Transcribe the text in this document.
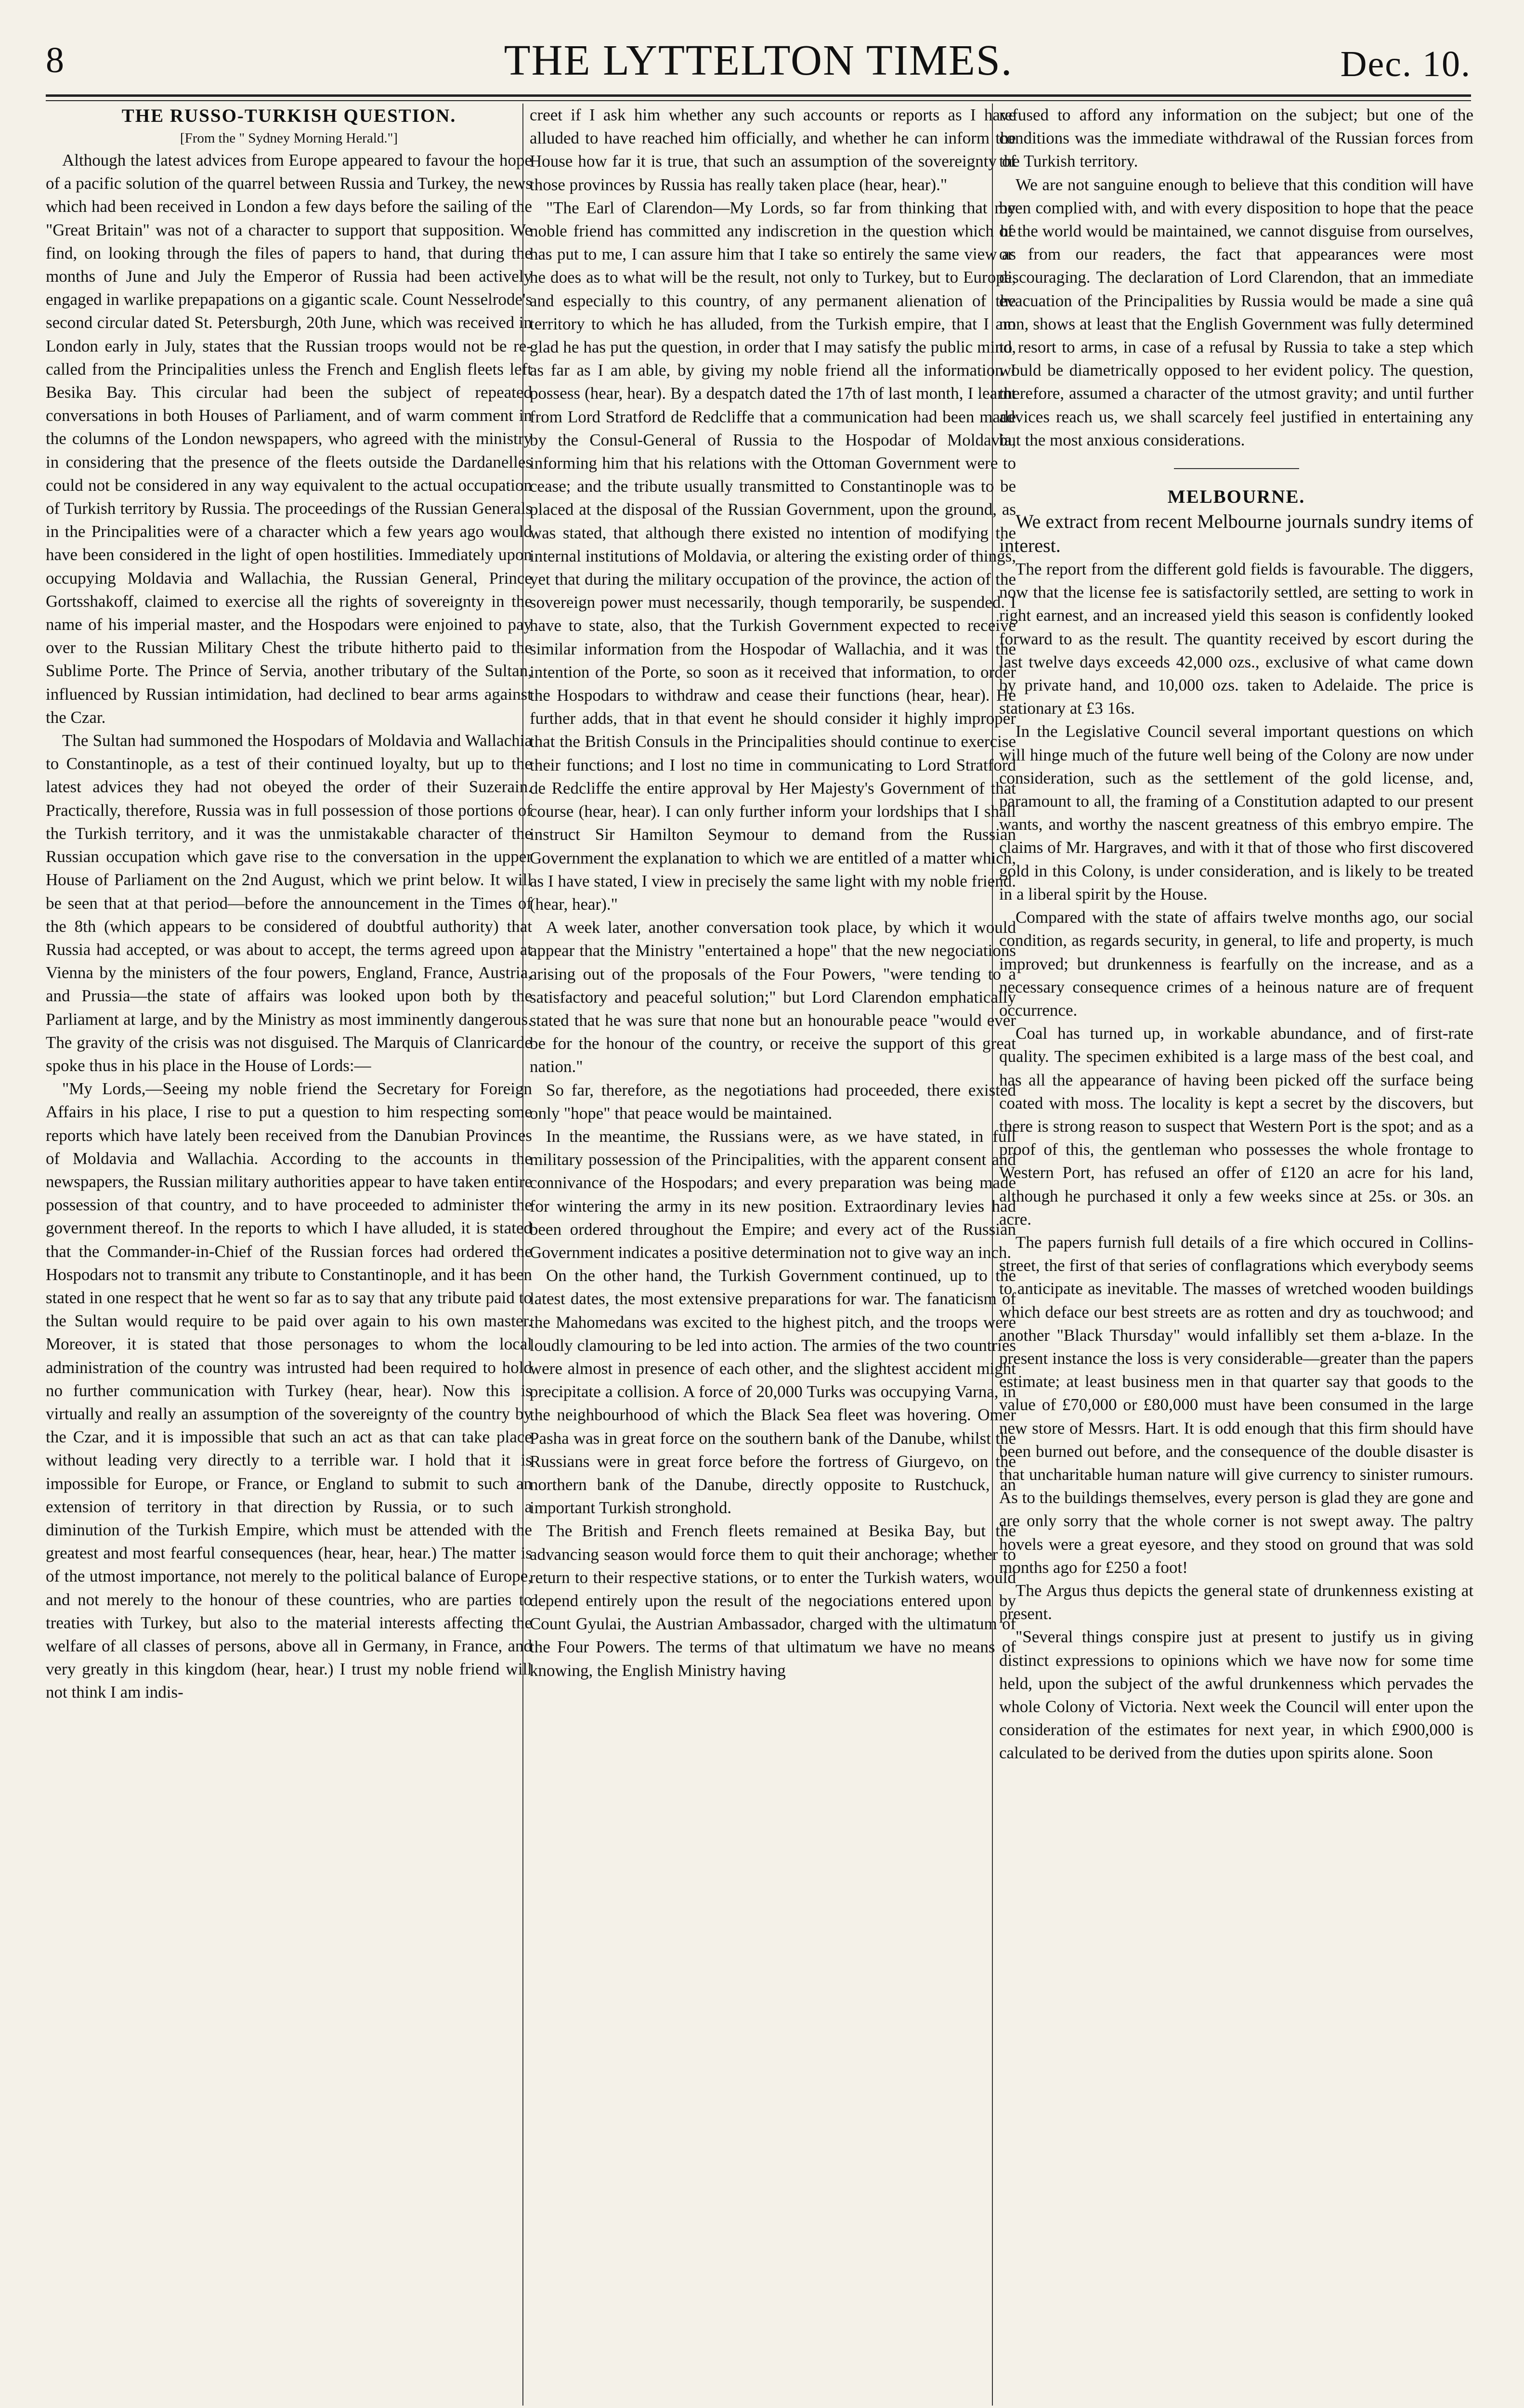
8	THE LYTTELTON TIMES.	Dec. 10.
THE RUSSO-TURKISH QUESTION.
[From the " Sydney Morning Herald."]

Although the latest advices from Europe appeared to favour the hope of a pacific solution of the quarrel between Russia and Turkey, the news which had been received in London a few days before the sailing of the "Great Britain" was not of a character to support that supposition. We find, on looking through the files of papers to hand, that during the months of June and July the Emperor of Russia had been actively engaged in warlike prepapations on a gigantic scale. Count Nesselrode's second circular dated St. Petersburgh, 20th June, which was received in London early in July, states that the Russian troops would not be re-called from the Principalities unless the French and English fleets left Besika Bay. This circular had been the subject of repeated conversations in both Houses of Parliament, and of warm comment in the columns of the London newspapers, who agreed with the ministry in considering that the presence of the fleets outside the Dardanelles could not be considered in any way equivalent to the actual occupation of Turkish territory by Russia. The proceedings of the Russian Generals in the Principalities were of a character which a few years ago would have been considered in the light of open hostilities. Immediately upon occupying Moldavia and Wallachia, the Russian General, Prince Gortsshakoff, claimed to exercise all the rights of sovereignty in the name of his imperial master, and the Hospodars were enjoined to pay over to the Russian Military Chest the tribute hitherto paid to the Sublime Porte. The Prince of Servia, another tributary of the Sultan, influenced by Russian intimidation, had declined to bear arms against the Czar.

The Sultan had summoned the Hospodars of Moldavia and Wallachia to Constantinople, as a test of their continued loyalty, but up to the latest advices they had not obeyed the order of their Suzerain. Practically, therefore, Russia was in full possession of those portions of the Turkish territory, and it was the unmistakable character of the Russian occupation which gave rise to the conversation in the upper House of Parliament on the 2nd August, which we print below. It will be seen that at that period—before the announcement in the Times of the 8th (which appears to be considered of doubtful authority) that Russia had accepted, or was about to accept, the terms agreed upon at Vienna by the ministers of the four powers, England, France, Austria, and Prussia—the state of affairs was looked upon both by the Parliament at large, and by the Ministry as most imminently dangerous. The gravity of the crisis was not disguised. The Marquis of Clanricarde spoke thus in his place in the House of Lords:—

"My Lords,—Seeing my noble friend the Secretary for Foreign Affairs in his place, I rise to put a question to him respecting some reports which have lately been received from the Danubian Provinces of Moldavia and Wallachia. According to the accounts in the newspapers, the Russian military authorities appear to have taken entire possession of that country, and to have proceeded to administer the government thereof. In the reports to which I have alluded, it is stated that the Commander-in-Chief of the Russian forces had ordered the Hospodars not to transmit any tribute to Constantinople, and it has been stated in one respect that he went so far as to say that any tribute paid to the Sultan would require to be paid over again to his own master. Moreover, it is stated that those personages to whom the local administration of the country was intrusted had been required to hold no further communication with Turkey (hear, hear). Now this is virtually and really an assumption of the sovereignty of the country by the Czar, and it is impossible that such an act as that can take place without leading very directly to a terrible war. I hold that it is impossible for Europe, or France, or England to submit to such an extension of territory in that direction by Russia, or to such a diminution of the Turkish Empire, which must be attended with the greatest and most fearful consequences (hear, hear, hear.) The matter is of the utmost importance, not merely to the political balance of Europe, and not merely to the honour of these countries, who are parties to treaties with Turkey, but also to the material interests affecting the welfare of all classes of persons, above all in Germany, in France, and very greatly in this kingdom (hear, hear.) I trust my noble friend will not think I am indis-

creet if I ask him whether any such accounts or reports as I have alluded to have reached him officially, and whether he can inform the House how far it is true, that such an assumption of the sovereignty of those provinces by Russia has really taken place (hear, hear)."

"The Earl of Clarendon—My Lords, so far from thinking that my noble friend has committed any indiscretion in the question which he has put to me, I can assure him that I take so entirely the same view as he does as to what will be the result, not only to Turkey, but to Europe, and especially to this country, of any permanent alienation of the territory to which he has alluded, from the Turkish empire, that I am glad he has put the question, in order that I may satisfy the public mind, as far as I am able, by giving my noble friend all the information I possess (hear, hear). By a despatch dated the 17th of last month, I learnt from Lord Stratford de Redcliffe that a communication had been made by the Consul-General of Russia to the Hospodar of Moldavia, informing him that his relations with the Ottoman Government were to cease; and the tribute usually transmitted to Constantinople was to be placed at the disposal of the Russian Government, upon the ground, as was stated, that although there existed no intention of modifying the internal institutions of Moldavia, or altering the existing order of things, yet that during the military occupation of the province, the action of the sovereign power must necessarily, though temporarily, be suspended. I have to state, also, that the Turkish Government expected to receive similar information from the Hospodar of Wallachia, and it was the intention of the Porte, so soon as it received that information, to order the Hospodars to withdraw and cease their functions (hear, hear). He further adds, that in that event he should consider it highly improper that the British Consuls in the Principalities should continue to exercise their functions; and I lost no time in communicating to Lord Stratford de Redcliffe the entire approval by Her Majesty's Government of that course (hear, hear). I can only further inform your lordships that I shall instruct Sir Hamilton Seymour to demand from the Russian Government the explanation to which we are entitled of a matter which, as I have stated, I view in precisely the same light with my noble friend. (hear, hear)."

A week later, another conversation took place, by which it would appear that the Ministry "entertained a hope" that the new negociations arising out of the proposals of the Four Powers, "were tending to a satisfactory and peaceful solution;" but Lord Clarendon emphatically stated that he was sure that none but an honourable peace "would ever be for the honour of the country, or receive the support of this great nation."

So far, therefore, as the negotiations had proceeded, there existed only "hope" that peace would be maintained.

In the meantime, the Russians were, as we have stated, in full military possession of the Principalities, with the apparent consent and connivance of the Hospodars; and every preparation was being made for wintering the army in its new position. Extraordinary levies had been ordered throughout the Empire; and every act of the Russian Government indicates a positive determination not to give way an inch.

On the other hand, the Turkish Government continued, up to the latest dates, the most extensive preparations for war. The fanaticism of the Mahomedans was excited to the highest pitch, and the troops were loudly clamouring to be led into action. The armies of the two countries were almost in presence of each other, and the slightest accident might precipitate a collision. A force of 20,000 Turks was occupying Varna, in the neighbourhood of which the Black Sea fleet was hovering. Omer Pasha was in great force on the southern bank of the Danube, whilst the Russians were in great force before the fortress of Giurgevo, on the northern bank of the Danube, directly opposite to Rustchuck, an important Turkish stronghold.

The British and French fleets remained at Besika Bay, but the advancing season would force them to quit their anchorage; whether to return to their respective stations, or to enter the Turkish waters, would depend entirely upon the result of the negociations entered upon by Count Gyulai, the Austrian Ambassador, charged with the ultimatum of the Four Powers. The terms of that ultimatum we have no means of knowing, the English Ministry having

refused to afford any information on the subject; but one of the conditions was the immediate withdrawal of the Russian forces from the Turkish territory.

We are not sanguine enough to believe that this condition will have been complied with, and with every disposition to hope that the peace of the world would be maintained, we cannot disguise from ourselves, or from our readers, the fact that appearances were most discouraging. The declaration of Lord Clarendon, that an immediate evacuation of the Principalities by Russia would be made a sine quâ non, shows at least that the English Government was fully determined to resort to arms, in case of a refusal by Russia to take a step which would be diametrically opposed to her evident policy. The question, therefore, assumed a character of the utmost gravity; and until further advices reach us, we shall scarcely feel justified in entertaining any but the most anxious considerations.

MELBOURNE.

We extract from recent Melbourne journals sundry items of interest.

The report from the different gold fields is favourable. The diggers, now that the license fee is satisfactorily settled, are setting to work in right earnest, and an increased yield this season is confidently looked forward to as the result. The quantity received by escort during the last twelve days exceeds 42,000 ozs., exclusive of what came down by private hand, and 10,000 ozs. taken to Adelaide. The price is stationary at £3 16s.

In the Legislative Council several important questions on which will hinge much of the future well being of the Colony are now under consideration, such as the settlement of the gold license, and, paramount to all, the framing of a Constitution adapted to our present wants, and worthy the nascent greatness of this embryo empire. The claims of Mr. Hargraves, and with it that of those who first discovered gold in this Colony, is under consideration, and is likely to be treated in a liberal spirit by the House.

Compared with the state of affairs twelve months ago, our social condition, as regards security, in general, to life and property, is much improved; but drunkenness is fearfully on the increase, and as a necessary consequence crimes of a heinous nature are of frequent occurrence.

Coal has turned up, in workable abundance, and of first-rate quality. The specimen exhibited is a large mass of the best coal, and has all the appearance of having been picked off the surface being coated with moss. The locality is kept a secret by the discovers, but there is strong reason to suspect that Western Port is the spot; and as a proof of this, the gentleman who possesses the whole frontage to Western Port, has refused an offer of £120 an acre for his land, although he purchased it only a few weeks since at 25s. or 30s. an acre.

The papers furnish full details of a fire which occured in Collins-street, the first of that series of conflagrations which everybody seems to anticipate as inevitable. The masses of wretched wooden buildings which deface our best streets are as rotten and dry as touchwood; and another "Black Thursday" would infallibly set them a-blaze. In the present instance the loss is very considerable—greater than the papers estimate; at least business men in that quarter say that goods to the value of £70,000 or £80,000 must have been consumed in the large new store of Messrs. Hart. It is odd enough that this firm should have been burned out before, and the consequence of the double disaster is that uncharitable human nature will give currency to sinister rumours. As to the buildings themselves, every person is glad they are gone and are only sorry that the whole corner is not swept away. The paltry hovels were a great eyesore, and they stood on ground that was sold months ago for £250 a foot!

The Argus thus depicts the general state of drunkenness existing at present.

"Several things conspire just at present to justify us in giving distinct expressions to opinions which we have now for some time held, upon the subject of the awful drunkenness which pervades the whole Colony of Victoria. Next week the Council will enter upon the consideration of the estimates for next year, in which £900,000 is calculated to be derived from the duties upon spirits alone. Soon
